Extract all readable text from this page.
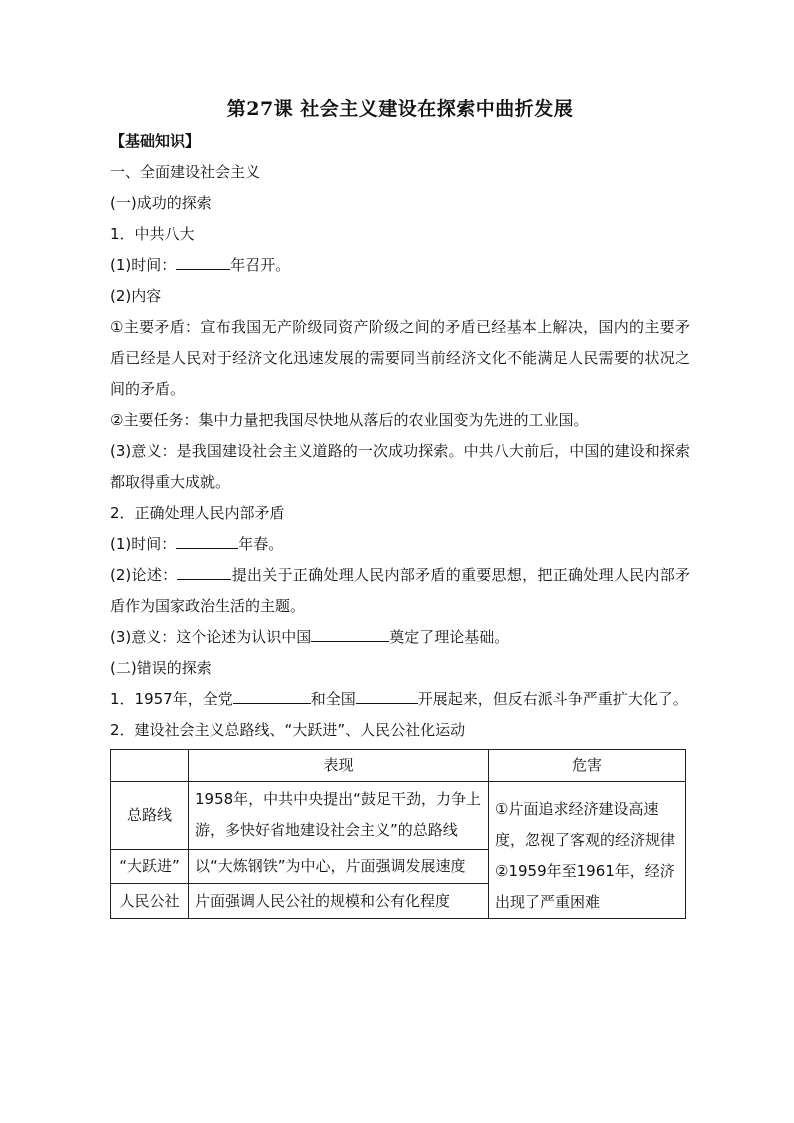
第27课 社会主义建设在探索中曲折发展
【基础知识】
一、全面建设社会主义
(一)成功的探索
1．中共八大
(1)时间：	年召开。
(2)内容
①主要矛盾：宣布我国无产阶级同资产阶级之间的矛盾已经基本上解决，国内的主要矛盾已经是人民对于经济文化迅速发展的需要同当前经济文化不能满足人民需要的状况之间的矛盾。
②主要任务：集中力量把我国尽快地从落后的农业国变为先进的工业国。
(3)意义：是我国建设社会主义道路的一次成功探索。中共八大前后，中国的建设和探索都取得重大成就。
2．正确处理人民内部矛盾
(1)时间：	年春。
(2)论述：	提出关于正确处理人民内部矛盾的重要思想，把正确处理人民内部矛盾作为国家政治生活的主题。
(3)意义：这个论述为认识中国	奠定了理论基础。
(二)错误的探索
1．1957年，全党	和全国	开展起来，但反右派斗争严重扩大化了。
2．建设社会主义总路线、“大跃进”、人民公社化运动
	表现	危害
总路线	1958年，中共中央提出“鼓足干劲，力争上游，多快好省地建设社会主义”的总路线	①片面追求经济建设高速度，忽视了客观的经济规律
②1959年至1961年，经济出现了严重困难

“大跃进”	以“大炼钢铁”为中心，片面强调发展速度	
人民公社	片面强调人民公社的规模和公有化程度	
